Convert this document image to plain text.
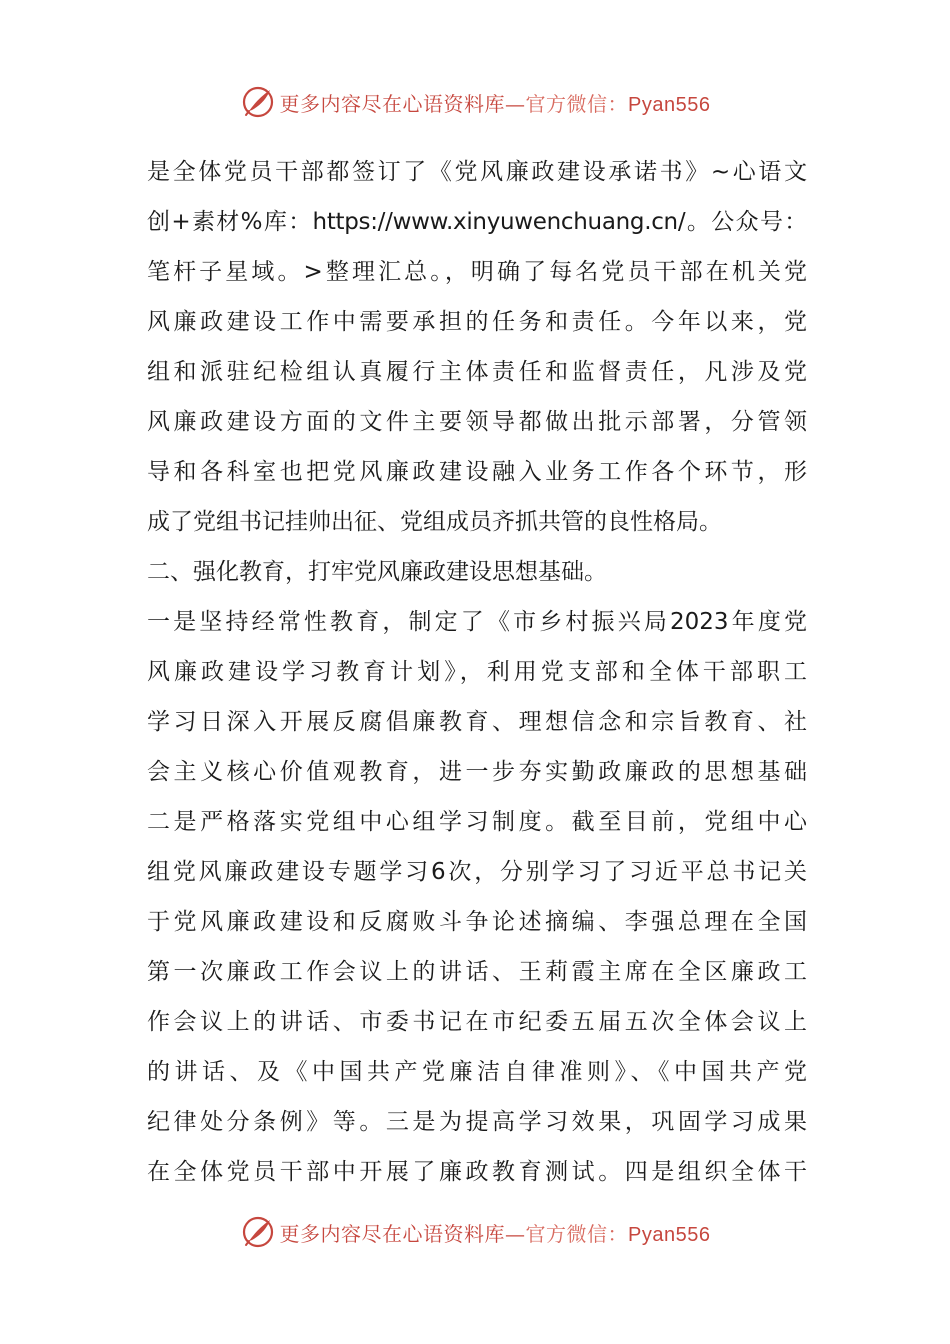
更多内容尽在心语资料库—官方微信：Pyan556
是全体党员干部都签订了《党风廉政建设承诺书》~心语文
创+素材%库：https://www.xinyuwenchuang.cn/。公众号：
笔杆子星域。>整理汇总。，明确了每名党员干部在机关党
风廉政建设工作中需要承担的任务和责任。今年以来，党
组和派驻纪检组认真履行主体责任和监督责任，凡涉及党
风廉政建设方面的文件主要领导都做出批示部署，分管领
导和各科室也把党风廉政建设融入业务工作各个环节，形
成了党组书记挂帅出征、党组成员齐抓共管的良性格局。
二、强化教育，打牢党风廉政建设思想基础。
一是坚持经常性教育，制定了《市乡村振兴局2023年度党
风廉政建设学习教育计划》，利用党支部和全体干部职工
学习日深入开展反腐倡廉教育、理想信念和宗旨教育、社
会主义核心价值观教育，进一步夯实勤政廉政的思想基础
二是严格落实党组中心组学习制度。截至目前，党组中心
组党风廉政建设专题学习6次，分别学习了习近平总书记关
于党风廉政建设和反腐败斗争论述摘编、李强总理在全国
第一次廉政工作会议上的讲话、王莉霞主席在全区廉政工
作会议上的讲话、市委书记在市纪委五届五次全体会议上
的讲话、及《中国共产党廉洁自律准则》、《中国共产党
纪律处分条例》等。三是为提高学习效果，巩固学习成果
在全体党员干部中开展了廉政教育测试。四是组织全体干
更多内容尽在心语资料库—官方微信：Pyan556
